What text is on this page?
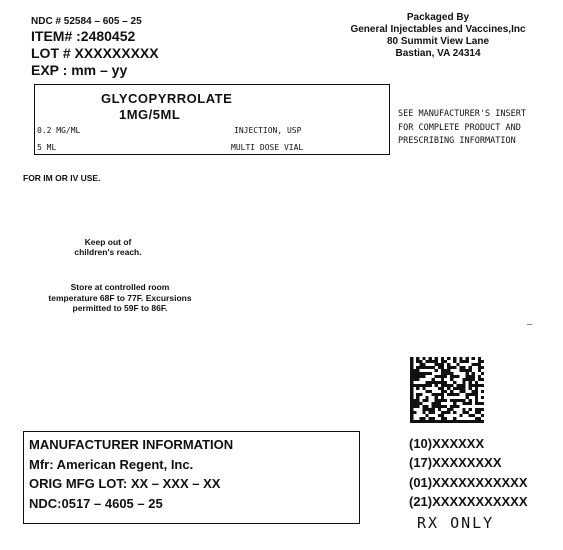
NDC # 52584 – 605 – 25
ITEM# :2480452
LOT # XXXXXXXXX
EXP : mm – yy
Packaged By
General Injectables and Vaccines,Inc
80 Summit View Lane
Bastian, VA 24314
GLYCOPYRROLATE
1MG/5ML
0.2 MG/ML	INJECTION, USP
5 ML	MULTI DOSE VIAL
SEE MANUFACTURER'S INSERT
FOR COMPLETE PRODUCT AND
PRESCRIBING INFORMATION
FOR IM OR IV USE.
Keep out of
children's reach.
Store at controlled room
temperature 68F to 77F. Excursions
permitted to 59F to 86F.
MANUFACTURER INFORMATION
Mfr: American Regent, Inc.
ORIG MFG LOT: XX – XXX – XX
NDC:0517 – 4605 – 25
(10)XXXXXX
(17)XXXXXXXX
(01)XXXXXXXXXXX
(21)XXXXXXXXXXX
RX ONLY
